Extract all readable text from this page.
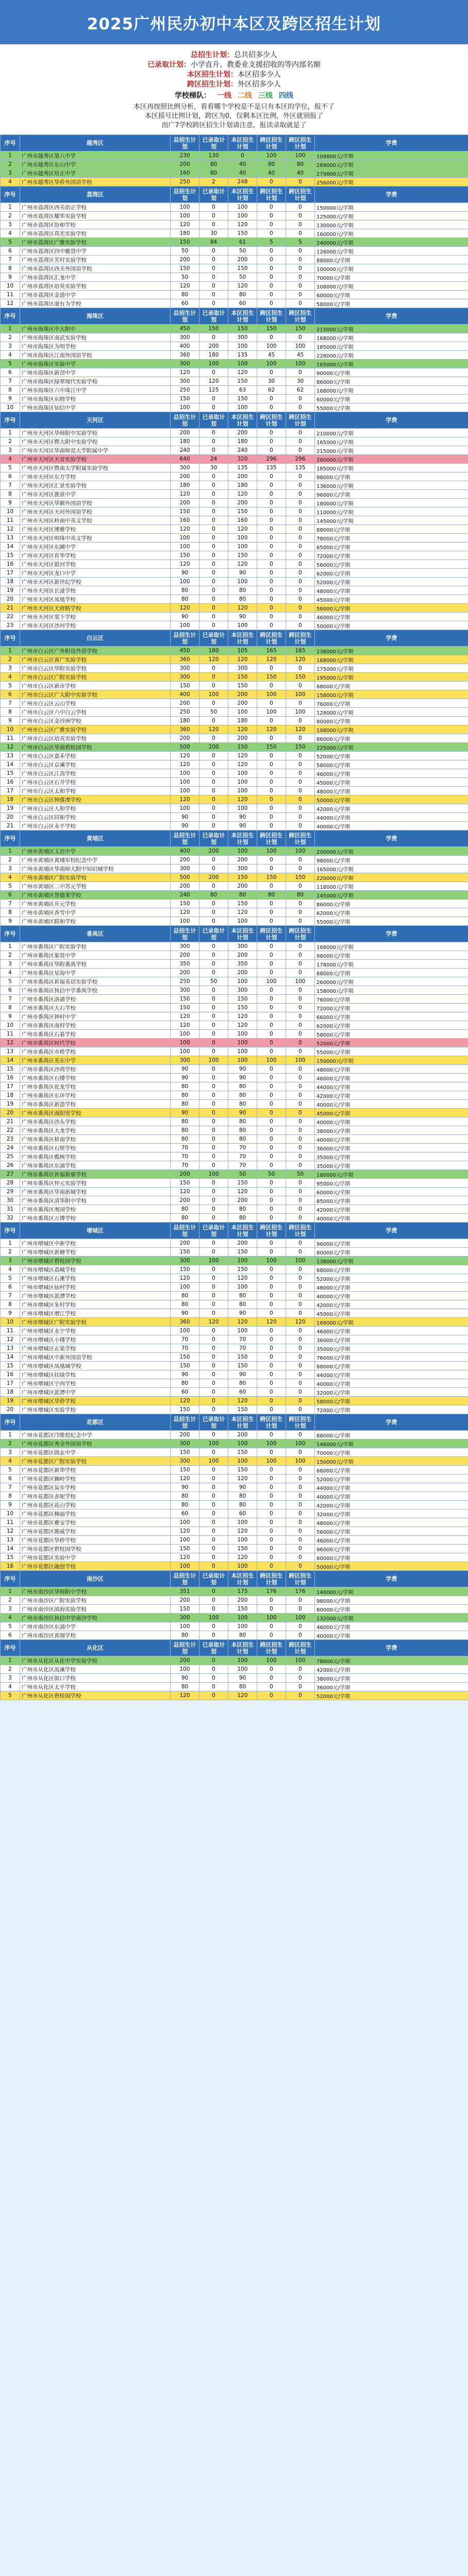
2025广州民办初中本区及跨区招生计划
总招生计划：总共招多少人
已录取计划：小学直升、教委业支援招收的等内部名额
本区招生计划：本区招多少人
跨区招生计划：外区招多少人
学校梯队： 一线 二线 三线 四线
本区再按照比例分析，看看哪个学校是不是只有本区的学位，报不了
本区摇号比例计划，跨区为0，仅剩本区比例，外区就别报了
而广7学校跨区招生计划请注意，报读录取就是了
序号	越秀区	总招生计划	已录取计划	本区招生计划	跨区招生计划	跨区招生计划	学费
1	广州市越秀区第八中学	230	130	0	100	100	109800元/学期
2	广州市越秀区东山中学	200	80	40	80	80	289000元/学期
3	广州市越秀区培正中学	160	80	40	40	40	279800元/学期
4	广州市越秀区华侨外国语学校	250	2	248	0	0	256000元/学期
序号	荔湾区	总招生计划	已录取计划	本区招生计划	跨区招生计划	跨区招生计划	学费
1	广州市荔湾区西关培正学校	100	0	100	0	0	150000元/学期
2	广州市荔湾区耀华实验学校	100	0	100	0	0	125000元/学期
3	广州市荔湾区协和学校	120	0	120	0	0	130000元/学期
4	广州市荔湾区真光实验学校	180	30	150	0	0	160000元/学期
5	广州市荔湾区广雅实验学校	150	84	61	5	5	240000元/学期
6	广州市荔湾区四中聚贤中学	50	0	50	0	0	126000元/学期
7	广州市荔湾区芳村实验学校	200	0	200	0	0	88000元/学期
8	广州市荔湾区西关外国语学校	150	0	150	0	0	100000元/学期
9	广州市荔湾区汇龙中学	50	0	50	0	0	70000元/学期
10	广州市荔湾区培英实验学校	120	0	120	0	0	108000元/学期
11	广州市荔湾区金道中学	80	0	80	0	0	60000元/学期
12	广州市荔湾区康有为学校	60	0	60	0	0	58000元/学期
序号	海珠区	总招生计划	已录取计划	本区招生计划	跨区招生计划	跨区招生计划	学费
1	广州市海珠区中大附中	450	150	150	150	150	215000元/学期
2	广州市海珠区南武实验学校	300	0	300	0	0	168000元/学期
3	广州市海珠区为明学校	400	200	100	100	100	185000元/学期
4	广州市海珠区江南外国语学校	360	180	135	45	45	228000元/学期
5	广州市海珠区实验中学	300	100	100	100	100	165000元/学期
6	广州市海珠区新滘中学	120	0	120	0	0	90000元/学期
7	广州市海珠区绿翠现代实验学校	300	120	150	30	30	86000元/学期
8	广州市海珠区六中珠江中学	250	125	63	62	62	168000元/学期
9	广州市海珠区东晓学校	150	0	150	0	0	60000元/学期
10	广州市海珠区知信中学	100	0	100	0	0	55000元/学期
序号	天河区	总招生计划	已录取计划	本区招生计划	跨区招生计划	跨区招生计划	学费
1	广州市天河区华师附中实验学校	200	0	200	0	0	210000元/学期
2	广州市天河区暨大附中实验学校	180	0	180	0	0	165000元/学期
3	广州市天河区华南师范大学附属中学	240	0	240	0	0	215000元/学期
4	广州市天河区天省实验学校	640	24	320	296	296	260000元/学期
5	广州市天河区暨南大学附属实验学校	300	30	135	135	135	185000元/学期
6	广州市天河区东方学校	200	0	200	0	0	98000元/学期
7	广州市天河区汇景实验学校	180	0	180	0	0	136000元/学期
8	广州市天河区骏景中学	120	0	120	0	0	96000元/学期
9	广州市天河区华颖外国语学校	200	0	200	0	0	180000元/学期
10	广州市天河区天河外国语学校	150	0	150	0	0	110000元/学期
11	广州市天河区岭南中英文学校	160	0	160	0	0	145000元/学期
12	广州市天河区博雅学校	120	0	120	0	0	88000元/学期
13	广州市天河区明珠中英文学校	100	0	100	0	0	78000元/学期
14	广州市天河区东圃中学	100	0	100	0	0	65000元/学期
15	广州市天河区育华学校	150	0	150	0	0	72000元/学期
16	广州市天河区银河学校	120	0	120	0	0	56000元/学期
17	广州市天河区龙口中学	90	0	90	0	0	62000元/学期
18	广州市天河区新世纪学校	100	0	100	0	0	52000元/学期
19	广州市天河区长湴学校	80	0	80	0	0	48000元/学期
20	广州市天河区凤凰学校	80	0	80	0	0	45000元/学期
21	广州市天河区天府路学校	120	0	120	0	0	58000元/学期
22	广州市天河区棠下学校	90	0	90	0	0	46000元/学期
23	广州市天河区沙河学校	100	0	100	0	0	50000元/学期
序号	白云区	总招生计划	已录取计划	本区招生计划	跨区招生计划	跨区招生计划	学费
1	广州市白云区广外附设外语学校	450	180	105	165	165	238000元/学期
2	广州市白云区黄广实验学校	360	120	120	120	120	168000元/学期
3	广州市白云区华附实验学校	300	0	300	0	0	175000元/学期
4	广州市白云区广附实验学校	300	0	150	150	150	195000元/学期
5	广州市白云区新市学校	150	0	150	0	0	68000元/学期
6	广州市白云区广大附中实验学校	400	100	200	100	100	158000元/学期
7	广州市白云区云山学校	200	0	200	0	0	76000元/学期
8	广州市白云区六中白云学校	250	50	100	100	100	128000元/学期
9	广州市白云区金沙洲学校	180	0	180	0	0	80000元/学期
10	广州市白云区广雅实验学校	360	120	120	120	120	198000元/学期
11	广州市白云区培英实验学校	200	0	200	0	0	86000元/学期
12	广州市白云区华南碧桂园学校	500	200	150	150	150	225000元/学期
13	广州市白云区嘉禾学校	120	0	120	0	0	52000元/学期
14	广州市白云区京溪学校	120	0	120	0	0	58000元/学期
15	广州市白云区江高学校	100	0	100	0	0	46000元/学期
16	广州市白云区石井学校	100	0	100	0	0	45000元/学期
17	广州市白云区太和学校	100	0	100	0	0	48000元/学期
18	广州市白云区钟落潭学校	120	0	120	0	0	50000元/学期
19	广州市白云区人和学校	100	0	100	0	0	42000元/学期
20	广州市白云区同和学校	90	0	90	0	0	44000元/学期
21	广州市白云区永平学校	90	0	90	0	0	40000元/学期
序号	黄埔区	总招生计划	已录取计划	本区招生计划	跨区招生计划	跨区招生计划	学费
1	广州市黄埔区玉岩中学	400	200	100	100	100	200000元/学期
2	广州市黄埔区黄埔军校纪念中学	200	0	200	0	0	98000元/学期
3	广州市黄埔区华南师大附中知识城学校	300	0	300	0	0	165000元/学期
4	广州市黄埔区广附实验学校	500	200	150	150	150	220000元/学期
5	广州市黄埔区二中苏元学校	200	0	200	0	0	118000元/学期
6	广州市黄埔区誉德莱学校	240	80	80	80	80	145000元/学期
7	广州市黄埔区开元学校	150	0	150	0	0	86000元/学期
8	广州市黄埔区香雪中学	120	0	120	0	0	62000元/学期
9	广州市黄埔区联和学校	100	0	100	0	0	55000元/学期
序号	番禺区	总招生计划	已录取计划	本区招生计划	跨区招生计划	跨区招生计划	学费
1	广州市番禺区广附实验学校	300	0	300	0	0	168000元/学期
2	广州市番禺区象贤中学	200	0	200	0	0	98000元/学期
3	广州市番禺区华附番禺学校	350	0	350	0	0	178000元/学期
4	广州市番禺区星海中学	200	0	200	0	0	88000元/学期
5	广州市番禺区祈福英语实验学校	250	50	100	100	100	260000元/学期
6	广州市番禺区执信中学番禺学校	300	0	300	0	0	158000元/学期
7	广州市番禺区洛浦学校	150	0	150	0	0	76000元/学期
8	广州市番禺区大石学校	150	0	150	0	0	72000元/学期
9	广州市番禺区钟村中学	120	0	120	0	0	66000元/学期
10	广州市番禺区南村学校	120	0	120	0	0	62000元/学期
11	广州市番禺区石碁学校	100	0	100	0	0	58000元/学期
12	广州市番禺区时代学校	100	0	100	0	0	52000元/学期
13	广州市番禺区市桥学校	100	0	100	0	0	55000元/学期
14	广州市番禺区英东中学	300	100	100	100	100	150000元/学期
15	广州市番禺区沙湾学校	90	0	90	0	0	48000元/学期
16	广州市番禺区石楼学校	90	0	90	0	0	46000元/学期
17	广州市番禺区化龙学校	80	0	80	0	0	44000元/学期
18	广州市番禺区东环学校	80	0	80	0	0	42000元/学期
19	广州市番禺区新造学校	80	0	80	0	0	40000元/学期
20	广州市番禺区南阳里学校	90	0	90	0	0	45000元/学期
21	广州市番禺区沙头学校	80	0	80	0	0	40000元/学期
22	广州市番禺区大龙学校	80	0	80	0	0	38000元/学期
23	广州市番禺区桥南学校	80	0	80	0	0	40000元/学期
24	广州市番禺区石壁学校	70	0	70	0	0	36000元/学期
25	广州市番禺区榄核学校	70	0	70	0	0	35000元/学期
26	广州市番禺区东涌学校	70	0	70	0	0	35000元/学期
27	广州市番禺区祈福新邨学校	200	100	50	50	50	180000元/学期
28	广州市番禺区仲元实验学校	150	0	150	0	0	95000元/学期
29	广州市番禺区华南新城学校	120	0	120	0	0	60000元/学期
30	广州市番禺区清华附中学校	200	0	200	0	0	85000元/学期
31	广州市番禺区奥园学校	80	0	80	0	0	42000元/学期
32	广州市番禺区万博学校	80	0	80	0	0	40000元/学期
序号	增城区	总招生计划	已录取计划	本区招生计划	跨区招生计划	跨区招生计划	学费
1	广州市增城区中新学校	200	0	200	0	0	96000元/学期
2	广州市增城区新塘学校	150	0	150	0	0	80000元/学期
3	广州市增城区碧桂园学校	300	100	100	100	100	138000元/学期
4	广州市增城区荔城学校	150	0	150	0	0	68000元/学期
5	广州市增城区石滩学校	120	0	120	0	0	52000元/学期
6	广州市增城区仙村学校	100	0	100	0	0	48000元/学期
7	广州市增城区派潭学校	80	0	80	0	0	40000元/学期
8	广州市增城区朱村学校	80	0	80	0	0	42000元/学期
9	广州市增城区增江学校	90	0	90	0	0	45000元/学期
10	广州市增城区广附实验学校	360	120	120	120	120	168000元/学期
11	广州市增城区永宁学校	100	0	100	0	0	46000元/学期
12	广州市增城区小楼学校	70	0	70	0	0	36000元/学期
13	广州市增城区正果学校	70	0	70	0	0	35000元/学期
14	广州市增城区中新外国语学校	150	0	150	0	0	76000元/学期
15	广州市增城区凤凰城学校	150	0	150	0	0	88000元/学期
16	广州市增城区挂绿学校	90	0	90	0	0	44000元/学期
17	广州市增城区宁西学校	80	0	80	0	0	40000元/学期
18	广州市增城区派潭中学	60	0	60	0	0	32000元/学期
19	广州市增城区华侨学校	120	0	120	0	0	58000元/学期
20	广州市增城区实验学校	150	0	150	0	0	72000元/学期
序号	花都区	总招生计划	已录取计划	本区招生计划	跨区招生计划	跨区招生计划	学费
1	广州市花都区邝维煜纪念中学	200	0	200	0	0	88000元/学期
2	广州市花都区秀全外国语学校	300	100	100	100	100	146000元/学期
3	广州市花都区圆玄中学	150	0	150	0	0	70000元/学期
4	广州市花都区广附实验学校	300	100	100	100	100	150000元/学期
5	广州市花都区新华学校	150	0	150	0	0	66000元/学期
6	广州市花都区狮岭学校	120	0	120	0	0	52000元/学期
7	广州市花都区炭步学校	90	0	90	0	0	44000元/学期
8	广州市花都区赤坭学校	80	0	80	0	0	40000元/学期
9	广州市花都区花山学校	80	0	80	0	0	42000元/学期
10	广州市花都区梯面学校	60	0	60	0	0	32000元/学期
11	广州市花都区雅宝学校	100	0	100	0	0	48000元/学期
12	广州市花都区骏威学校	120	0	120	0	0	56000元/学期
13	广州市花都区华侨学校	100	0	100	0	0	46000元/学期
14	广州市花都区碧桂园学校	150	0	150	0	0	96000元/学期
15	广州市花都区实验中学	120	0	120	0	0	60000元/学期
16	广州市花都区融创学校	100	0	100	0	0	50000元/学期
序号	南沙区	总招生计划	已录取计划	本区招生计划	跨区招生计划	跨区招生计划	学费
1	广州市南沙区华师附中学校	351	0	175	176	176	140000元/学期
2	广州市南沙区广附实验学校	200	0	200	0	0	98000元/学期
3	广州市南沙区滨海实验学校	150	0	150	0	0	80000元/学期
4	广州市南沙区执信中学南沙学校	300	100	100	100	100	132000元/学期
5	广州市南沙区东涌中学	100	0	100	0	0	46000元/学期
6	广州市南沙区黄阁学校	80	0	80	0	0	40000元/学期
序号	从化区	总招生计划	已录取计划	本区招生计划	跨区招生计划	跨区招生计划	学费
1	广州市从化区从化中学实验学校	200	0	100	100	100	78000元/学期
2	广州市从化区流溪学校	100	0	100	0	0	42000元/学期
3	广州市从化区街口学校	90	0	90	0	0	38000元/学期
4	广州市从化区太平学校	80	0	80	0	0	36000元/学期
5	广州市从化区碧桂园学校	120	0	120	0	0	52000元/学期
